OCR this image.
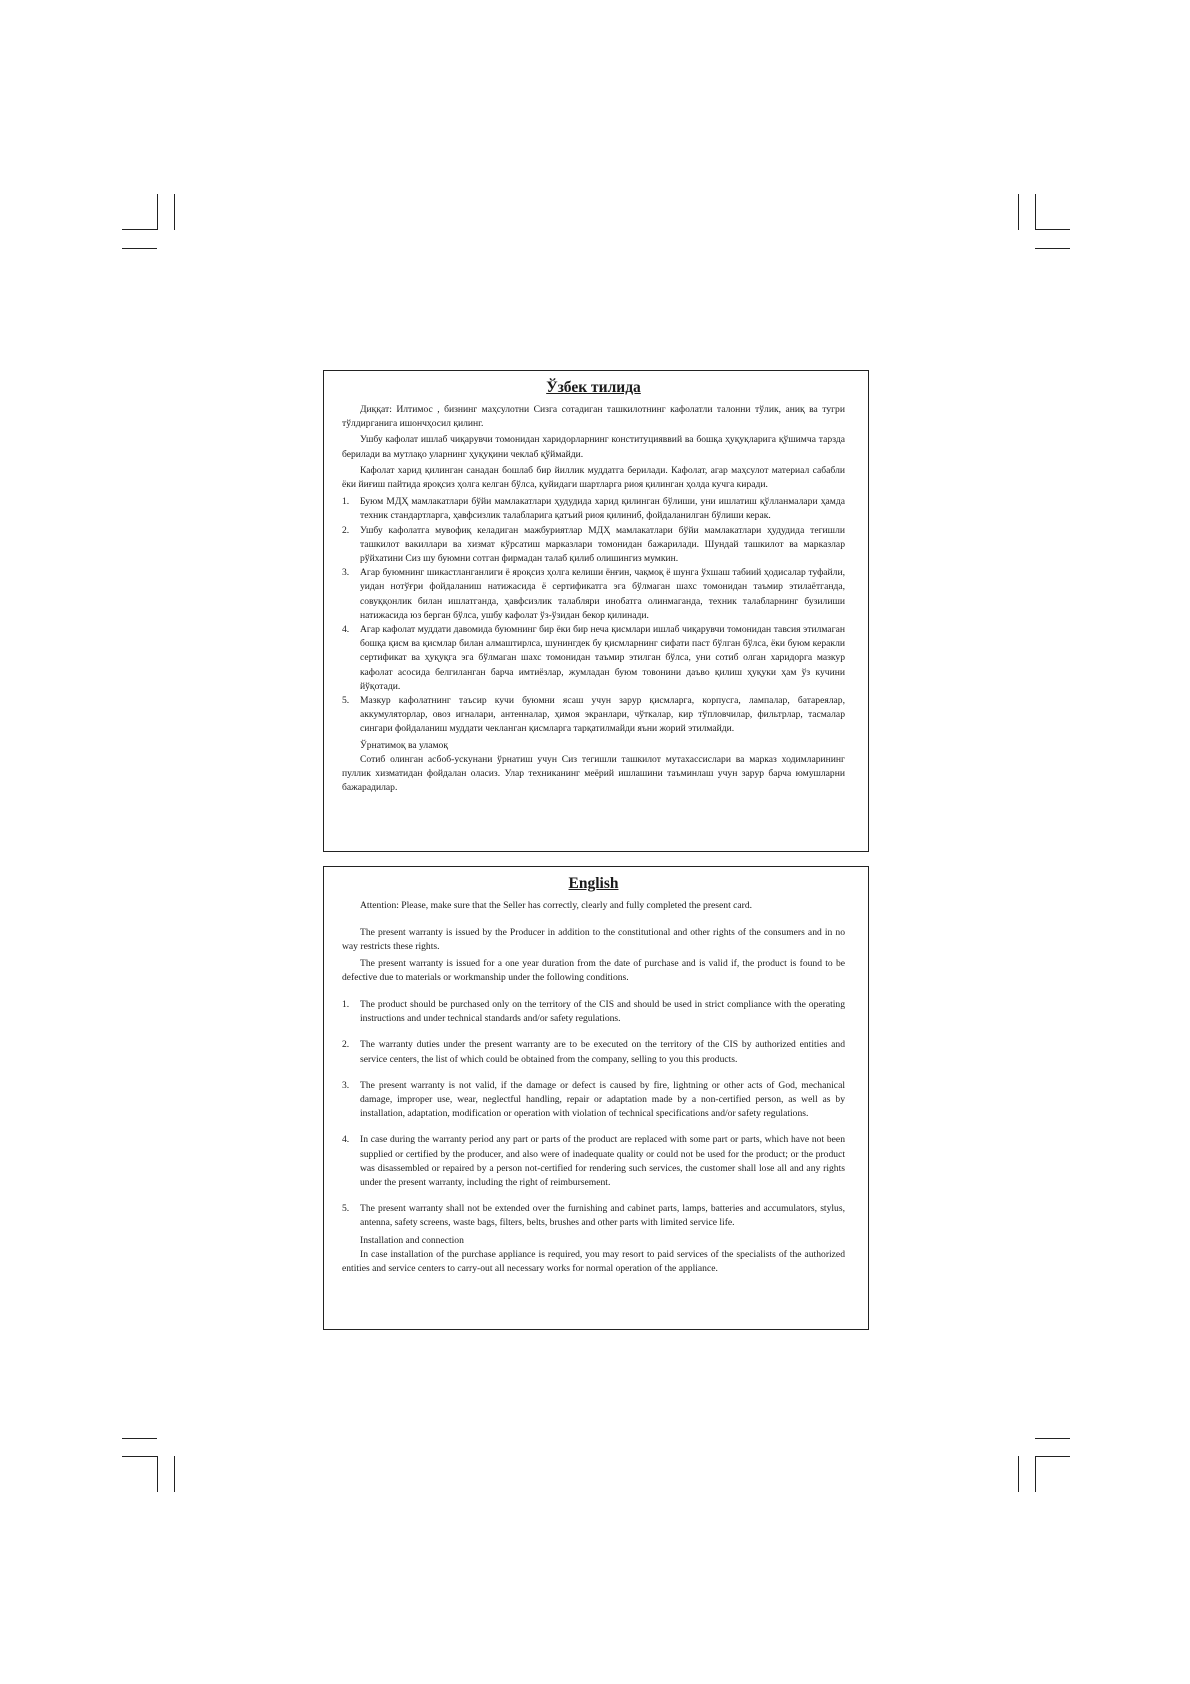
Ўзбек тилида

Диққат: Илтимос , бизнинг маҳсулотни Сизга сотадиган ташкилотнинг кафолатли талонни тўлик, аниқ ва тугри тўлдирганига ишончҳосил қилинг.

Ушбу кафолат ишлаб чиқарувчи томонидан харидорларнинг конституцияввий ва бошқа ҳуқуқларига қўшимча тарзда берилади ва мутлақо уларнинг ҳуқуқини чеклаб қўймайди.

Кафолат харид қилинган санадан бошлаб бир йиллик муддатга берилади. Кафолат, агар маҳсулот материал сабабли ёки йиғиш пайтида яроқсиз ҳолга келган бўлса, қуйидаги шартларга риоя қилинган ҳолда кучга киради.

Буюм МДҲ мамлакатлари бўйи мамлакатлари ҳудудида харид қилинган бўлиши, уни ишлатиш қўлланмалари ҳамда техник стандартларга, ҳавфсизлик талабларига қатъий риоя қилиниб, фойдаланилган бўлиши керак.
Ушбу кафолатга мувофиқ келадиган мажбуриятлар МДҲ мамлакатлари бўйи мамлакатлари ҳудудида тегишли ташкилот вакиллари ва хизмат кўрсатиш марказлари томонидан бажарилади. Шундай ташкилот ва марказлар рўйхатини Сиз шу буюмни сотган фирмадан талаб қилиб олишингиз мумкин.
Агар буюмнинг шикастланганлиги ё яроқсиз ҳолга келиши ёнғин, чақмоқ ё шунга ўхшаш табиий ҳодисалар туфайли, уидан нотўғри фойдаланиш натижасида ё сертификатга эга бўлмаган шахс томонидан таъмир этилаётганда, совуққонлик билан ишлатганда, ҳавфсизлик талабляри инобатга олинмаганда, техник талабларнинг бузилиши натижасида юз берган бўлса, ушбу кафолат ўз-ўзидан бекор қилинади.
Агар кафолат муддати давомида буюмнинг бир ёки бир неча қисмлари ишлаб чиқарувчи томонидан тавсия этилмаган бошқа қисм ва қисмлар билан алмаштирлса, шунингдек бу қисмларнинг сифати паст бўлган бўлса, ёки буюм керакли сертификат ва ҳуқуқга эга бўлмаган шахс томонидан таъмир этилган бўлса, уни сотиб олган харидорга мазкур кафолат асосида белгиланган барча имтиёзлар, жумладан буюм товонини даъво қилиш ҳуқуки ҳам ўз кучини йўқотади.
Мазкур кафолатнинг таъсир кучи буюмни ясаш учун зарур қисмларга, корпусга, лампалар, батареялар, аккумуляторлар, овоз игналари, антенналар, ҳимоя экранлари, чўткалар, кир тўпловчилар, фильтрлар, тасмалар сингари фойдаланиш муддати чекланган қисмларга тарқатилмайди яъни жорий этилмайди.
Ўрнатимоқ ва уламоқ

Сотиб олинган асбоб-ускунани ўрнатиш учун Сиз тегишли ташкилот мутахассислари ва марказ ходимларининг пуллик хизматидан фойдалан оласиз. Улар техниканинг меёрий ишлашини таъминлаш учун зарур барча юмушларни бажарадилар.

English

Attention: Please, make sure that the Seller has correctly, clearly and fully completed the present card.

The present warranty is issued by the Producer in addition to the constitutional and other rights of the consumers and in no way restricts these rights.

The present warranty is issued for a one year duration from the date of purchase and is valid if, the product is found to be defective due to materials or workmanship under the following conditions.

The product should be purchased only on the territory of the CIS and should be used in strict compliance with the operating instructions and under technical standards and/or safety regulations.
The warranty duties under the present warranty are to be executed on the territory of the CIS by authorized entities and service centers, the list of which could be obtained from the company, selling to you this products.
The present warranty is not valid, if the damage or defect is caused by fire, lightning or other acts of God, mechanical damage, improper use, wear, neglectful handling, repair or adaptation made by a non-certified person, as well as by installation, adaptation, modification or operation with violation of technical specifications and/or safety regulations.
In case during the warranty period any part or parts of the product are replaced with some part or parts, which have not been supplied or certified by the producer, and also were of inadequate quality or could not be used for the product; or the product was disassembled or repaired by a person not-certified for rendering such services, the customer shall lose all and any rights under the present warranty, including the right of reimbursement.
The present warranty shall not be extended over the furnishing and cabinet parts, lamps, batteries and accumulators, stylus, antenna, safety screens, waste bags, filters, belts, brushes and other parts with limited service life.
Installation and connection

In case installation of the purchase appliance is required, you may resort to paid services of the specialists of the authorized entities and service centers to carry-out all necessary works for normal operation of the appliance.
